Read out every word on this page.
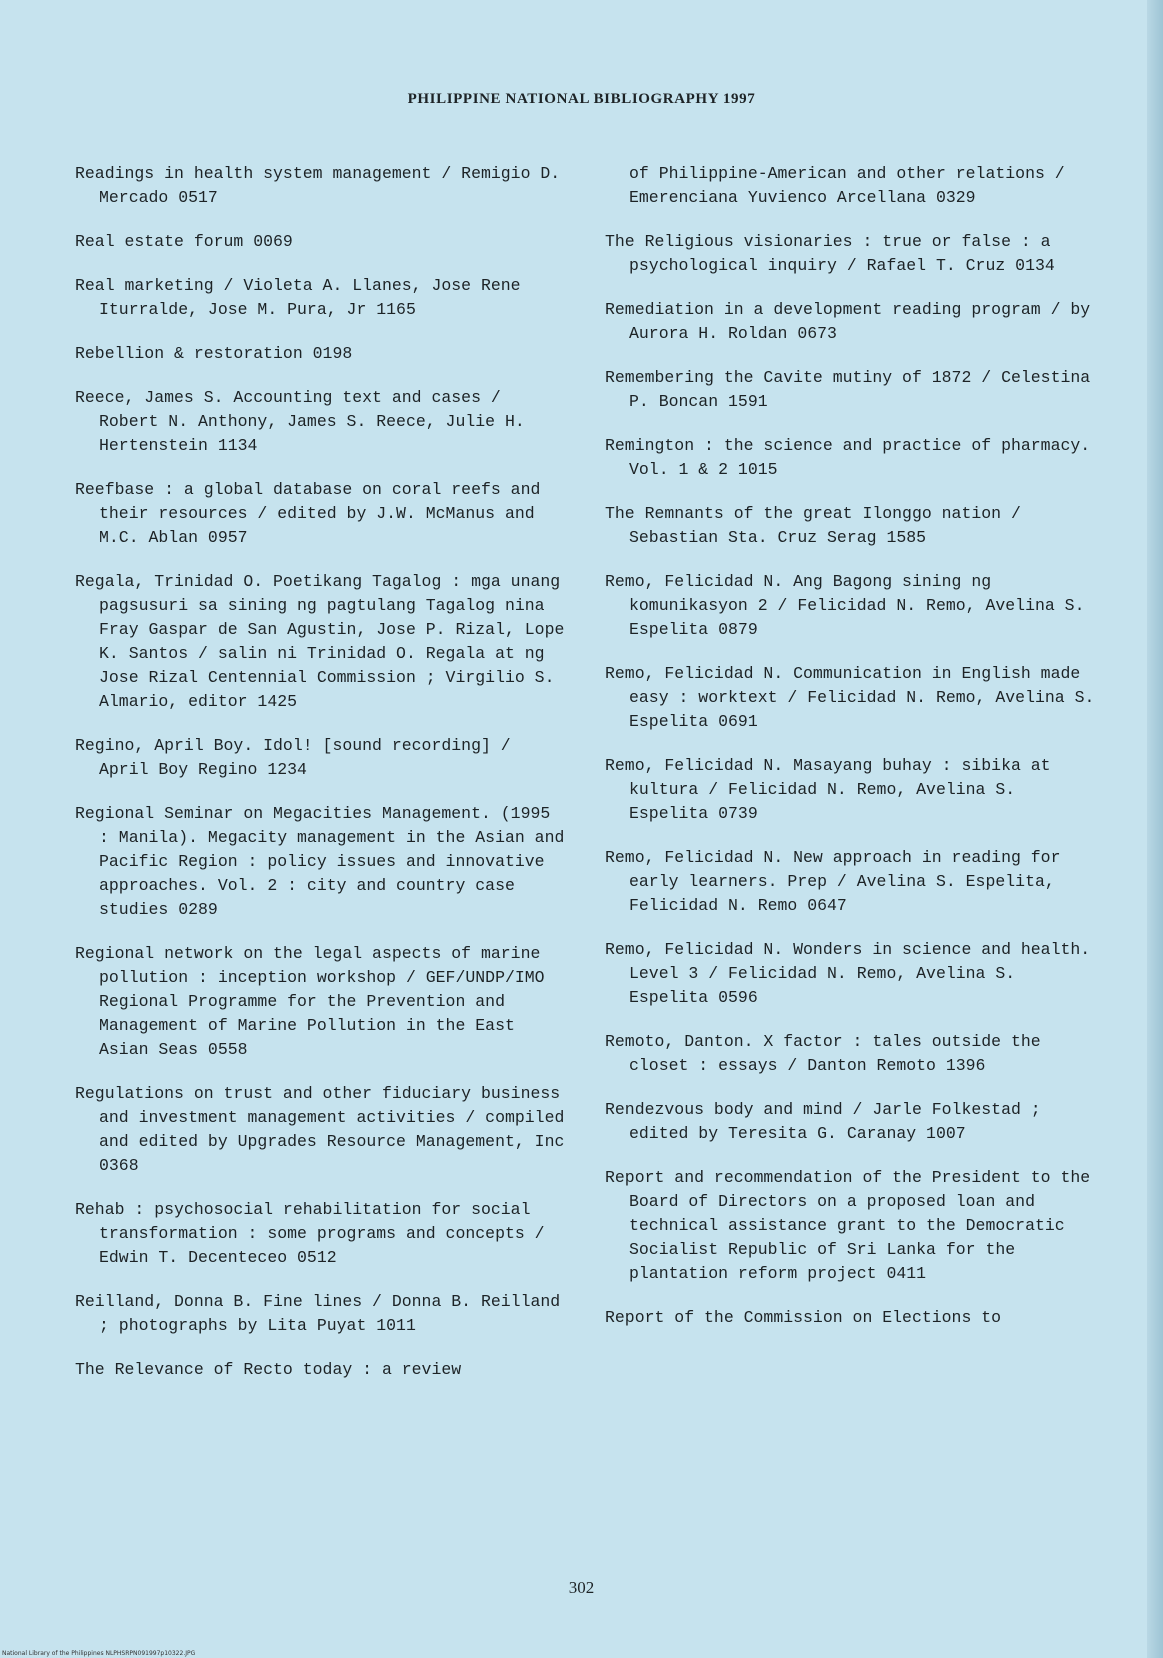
PHILIPPINE NATIONAL BIBLIOGRAPHY 1997
Readings in health system management / Remigio D. Mercado 0517
Real estate forum 0069
Real marketing / Violeta A. Llanes, Jose Rene Iturralde, Jose M. Pura, Jr 1165
Rebellion & restoration 0198
Reece, James S. Accounting text and cases / Robert N. Anthony, James S. Reece, Julie H. Hertenstein 1134
Reefbase : a global database on coral reefs and their resources / edited by J.W. McManus and M.C. Ablan 0957
Regala, Trinidad O. Poetikang Tagalog : mga unang pagsusuri sa sining ng pagtulang Tagalog nina Fray Gaspar de San Agustin, Jose P. Rizal, Lope K. Santos / salin ni Trinidad O. Regala at ng Jose Rizal Centennial Commission ; Virgilio S. Almario, editor 1425
Regino, April Boy. Idol! [sound recording] / April Boy Regino 1234
Regional Seminar on Megacities Management. (1995 : Manila). Megacity management in the Asian and Pacific Region : policy issues and innovative approaches. Vol. 2 : city and country case studies 0289
Regional network on the legal aspects of marine pollution : inception workshop / GEF/UNDP/IMO Regional Programme for the Prevention and Management of Marine Pollution in the East Asian Seas 0558
Regulations on trust and other fiduciary business and investment management activities / compiled and edited by Upgrades Resource Management, Inc 0368
Rehab : psychosocial rehabilitation for social transformation : some programs and concepts / Edwin T. Decenteceo 0512
Reilland, Donna B. Fine lines / Donna B. Reilland ; photographs by Lita Puyat 1011
The Relevance of Recto today : a review
of Philippine-American and other relations / Emerenciana Yuvienco Arcellana 0329
The Religious visionaries : true or false : a psychological inquiry / Rafael T. Cruz 0134
Remediation in a development reading program / by Aurora H. Roldan 0673
Remembering the Cavite mutiny of 1872 / Celestina P. Boncan 1591
Remington : the science and practice of pharmacy. Vol. 1 & 2 1015
The Remnants of the great Ilonggo nation / Sebastian Sta. Cruz Serag 1585
Remo, Felicidad N. Ang Bagong sining ng komunikasyon 2 / Felicidad N. Remo, Avelina S. Espelita 0879
Remo, Felicidad N. Communication in English made easy : worktext / Felicidad N. Remo, Avelina S. Espelita 0691
Remo, Felicidad N. Masayang buhay : sibika at kultura / Felicidad N. Remo, Avelina S. Espelita 0739
Remo, Felicidad N. New approach in reading for early learners. Prep / Avelina S. Espelita, Felicidad N. Remo 0647
Remo, Felicidad N. Wonders in science and health. Level 3 / Felicidad N. Remo, Avelina S. Espelita 0596
Remoto, Danton. X factor : tales outside the closet : essays / Danton Remoto 1396
Rendezvous body and mind / Jarle Folkestad ; edited by Teresita G. Caranay 1007
Report and recommendation of the President to the Board of Directors on a proposed loan and technical assistance grant to the Democratic Socialist Republic of Sri Lanka for the plantation reform project 0411
Report of the Commission on Elections to
302
National Library of the Philippines NLPHSRPN091997p10322.JPG
